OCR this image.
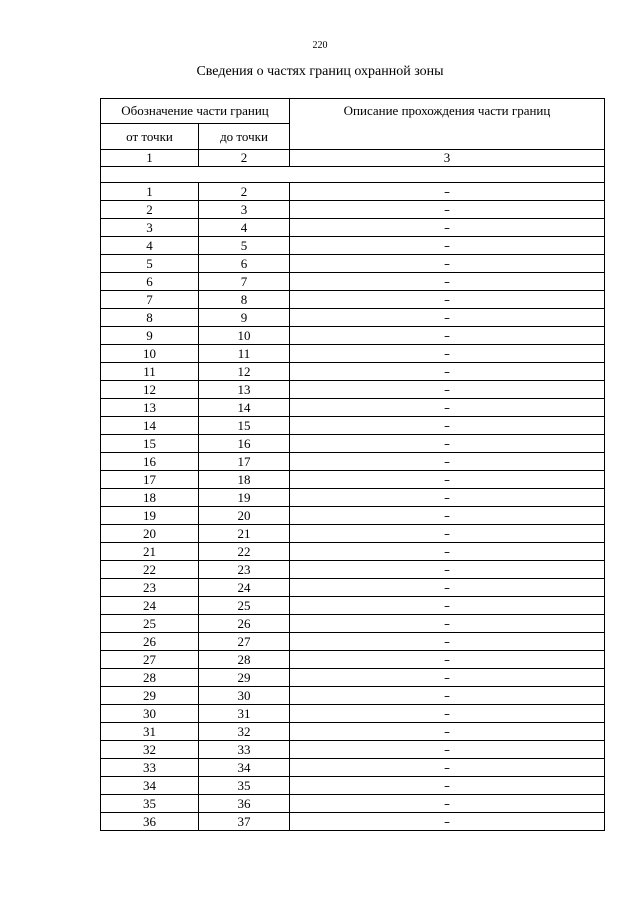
220
Сведения о частях границ охранной зоны
Обозначение части границ		Описание прохождения части границ
от точки	до точки	
1	2	3

1	2	–
2	3	–
3	4	–
4	5	–
5	6	–
6	7	–
7	8	–
8	9	–
9	10	–
10	11	–
11	12	–
12	13	–
13	14	–
14	15	–
15	16	–
16	17	–
17	18	–
18	19	–
19	20	–
20	21	–
21	22	–
22	23	–
23	24	–
24	25	–
25	26	–
26	27	–
27	28	–
28	29	–
29	30	–
30	31	–
31	32	–
32	33	–
33	34	–
34	35	–
35	36	–
36	37	–
